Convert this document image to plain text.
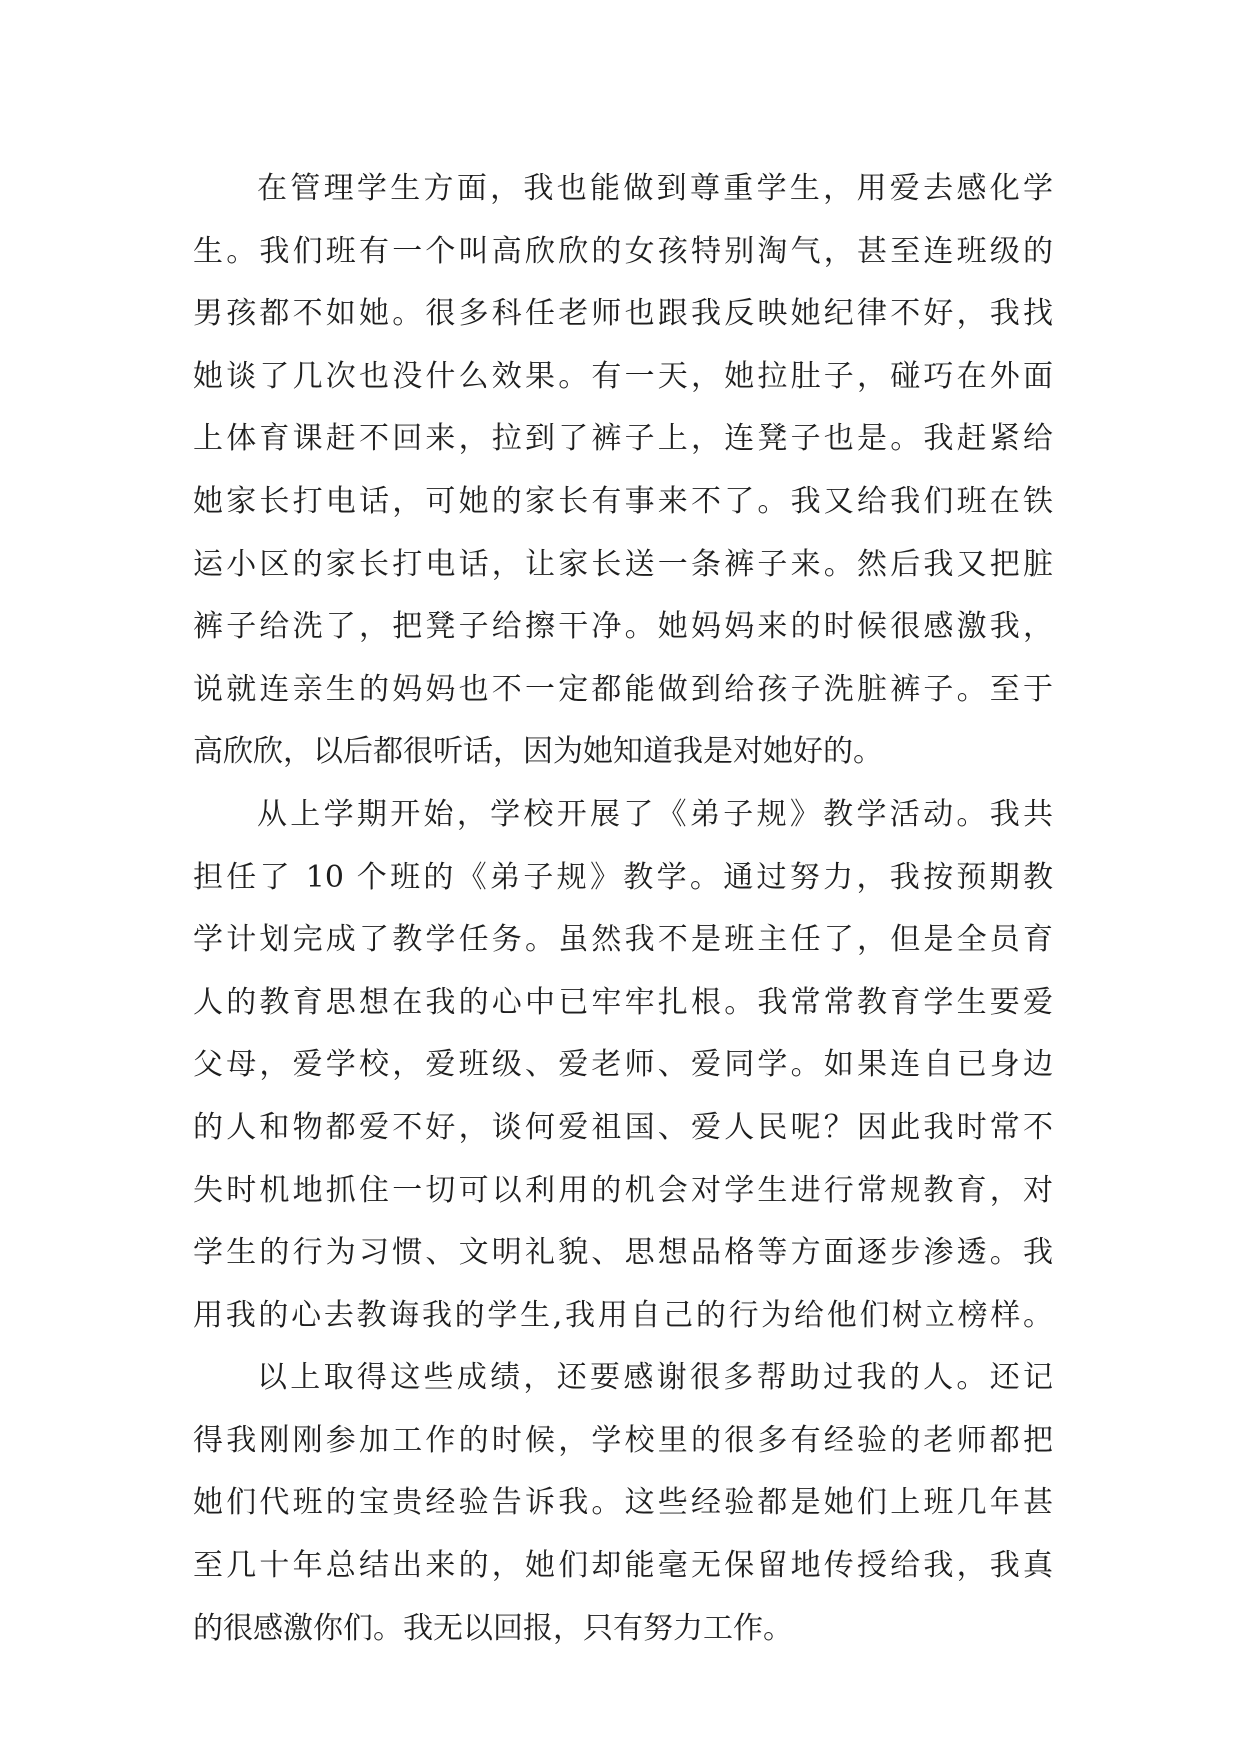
在管理学生方面，我也能做到尊重学生，用爱去感化学
生。我们班有一个叫高欣欣的女孩特别淘气，甚至连班级的
男孩都不如她。很多科任老师也跟我反映她纪律不好，我找
她谈了几次也没什么效果。有一天，她拉肚子，碰巧在外面
上体育课赶不回来，拉到了裤子上，连凳子也是。我赶紧给
她家长打电话，可她的家长有事来不了。我又给我们班在铁
运小区的家长打电话，让家长送一条裤子来。然后我又把脏
裤子给洗了，把凳子给擦干净。她妈妈来的时候很感激我，
说就连亲生的妈妈也不一定都能做到给孩子洗脏裤子。至于
高欣欣，以后都很听话，因为她知道我是对她好的。
从上学期开始，学校开展了《弟子规》教学活动。我共
担任了 10 个班的《弟子规》教学。通过努力，我按预期教
学计划完成了教学任务。虽然我不是班主任了，但是全员育
人的教育思想在我的心中已牢牢扎根。我常常教育学生要爱
父母，爱学校，爱班级、爱老师、爱同学。如果连自已身边
的人和物都爱不好，谈何爱祖国、爱人民呢？因此我时常不
失时机地抓住一切可以利用的机会对学生进行常规教育，对
学生的行为习惯、文明礼貌、思想品格等方面逐步渗透。我
用我的心去教诲我的学生,我用自己的行为给他们树立榜样。
以上取得这些成绩，还要感谢很多帮助过我的人。还记
得我刚刚参加工作的时候，学校里的很多有经验的老师都把
她们代班的宝贵经验告诉我。这些经验都是她们上班几年甚
至几十年总结出来的，她们却能毫无保留地传授给我，我真
的很感激你们。我无以回报，只有努力工作。
